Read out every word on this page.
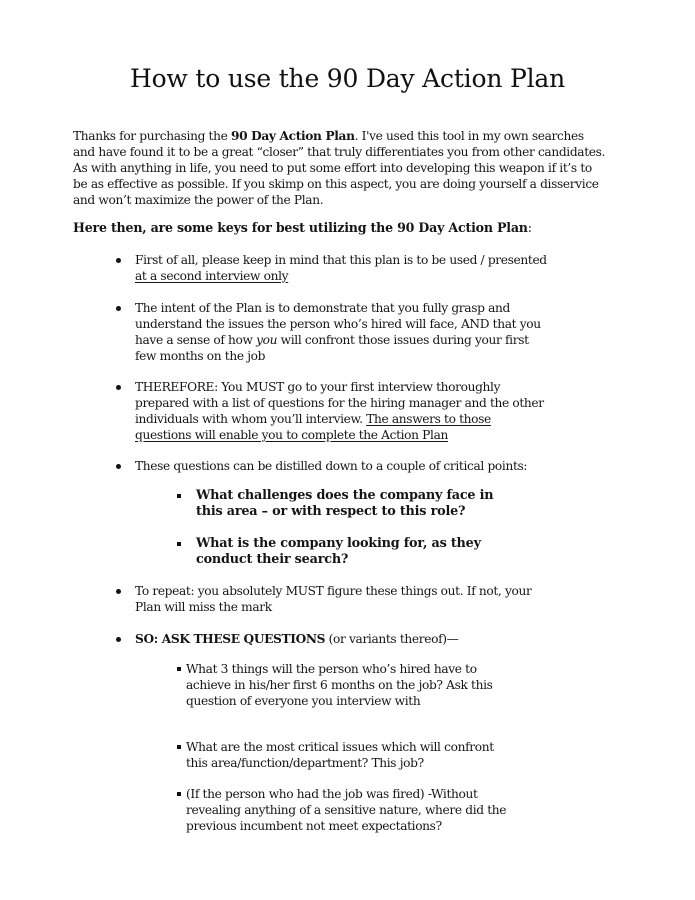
How to use the 90 Day Action Plan
Thanks for purchasing the 90 Day Action Plan. I've used this tool in my own searches
and have found it to be a great “closer” that truly differentiates you from other candidates.
As with anything in life, you need to put some effort into developing this weapon if it’s to
be as effective as possible. If you skimp on this aspect, you are doing yourself a disservice
and won’t maximize the power of the Plan.
Here then, are some keys for best utilizing the 90 Day Action Plan:
First of all, please keep in mind that this plan is to be used / presented
at a second interview only
The intent of the Plan is to demonstrate that you fully grasp and
understand the issues the person who’s hired will face, AND that you
have a sense of how you will confront those issues during your first
few months on the job
THEREFORE: You MUST go to your first interview thoroughly
prepared with a list of questions for the hiring manager and the other
individuals with whom you’ll interview. The answers to those
questions will enable you to complete the Action Plan
These questions can be distilled down to a couple of critical points:
What challenges does the company face in
this area – or with respect to this role?
What is the company looking for, as they
conduct their search?
To repeat: you absolutely MUST figure these things out. If not, your
Plan will miss the mark
SO: ASK THESE QUESTIONS (or variants thereof)—
What 3 things will the person who’s hired have to
achieve in his/her first 6 months on the job? Ask this
question of everyone you interview with
What are the most critical issues which will confront
this area/function/department? This job?
(If the person who had the job was fired) -Without
revealing anything of a sensitive nature, where did the
previous incumbent not meet expectations?
